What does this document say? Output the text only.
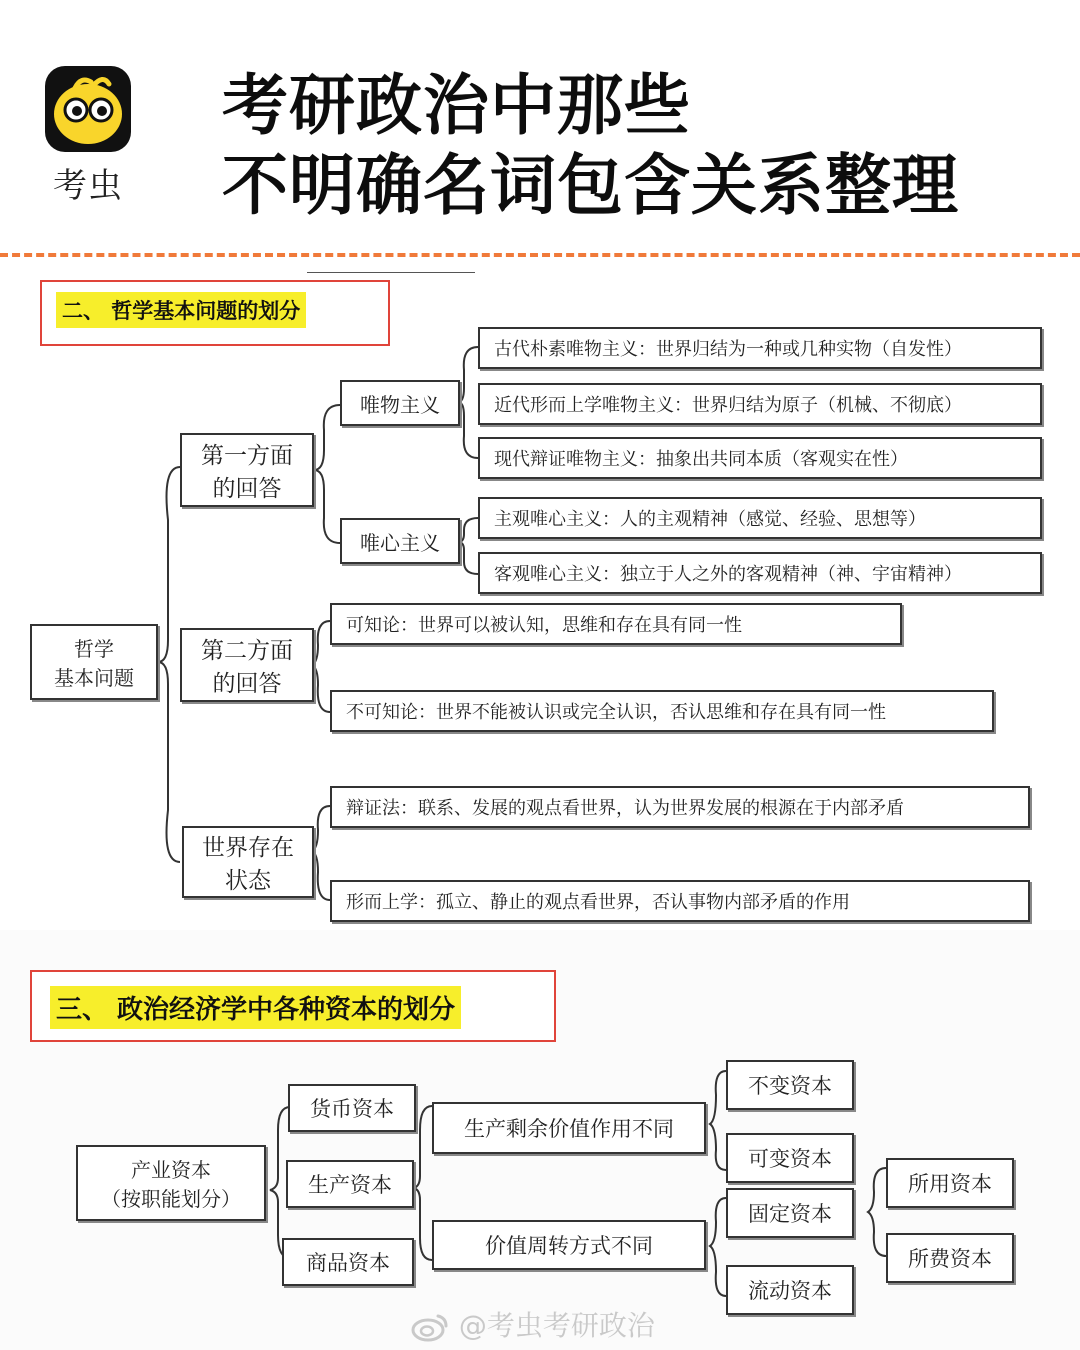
考虫
考研政治中那些
不明确名词包含关系整理
二、 哲学基本问题的划分
哲学
基本问题
第一方面
的回答
第二方面
的回答
世界存在
状态
唯物主义
唯心主义
古代朴素唯物主义：世界归结为一种或几种实物（自发性）
近代形而上学唯物主义：世界归结为原子（机械、不彻底）
现代辩证唯物主义：抽象出共同本质（客观实在性）
主观唯心主义：人的主观精神（感觉、经验、思想等）
客观唯心主义：独立于人之外的客观精神（神、宇宙精神）
可知论：世界可以被认知，思维和存在具有同一性
不可知论：世界不能被认识或完全认识，否认思维和存在具有同一性
辩证法：联系、发展的观点看世界，认为世界发展的根源在于内部矛盾
形而上学：孤立、静止的观点看世界，否认事物内部矛盾的作用
三、 政治经济学中各种资本的划分
产业资本
（按职能划分）
货币资本
生产资本
商品资本
生产剩余价值作用不同
价值周转方式不同
不变资本
可变资本
固定资本
流动资本
所用资本
所费资本
@考虫考研政治
